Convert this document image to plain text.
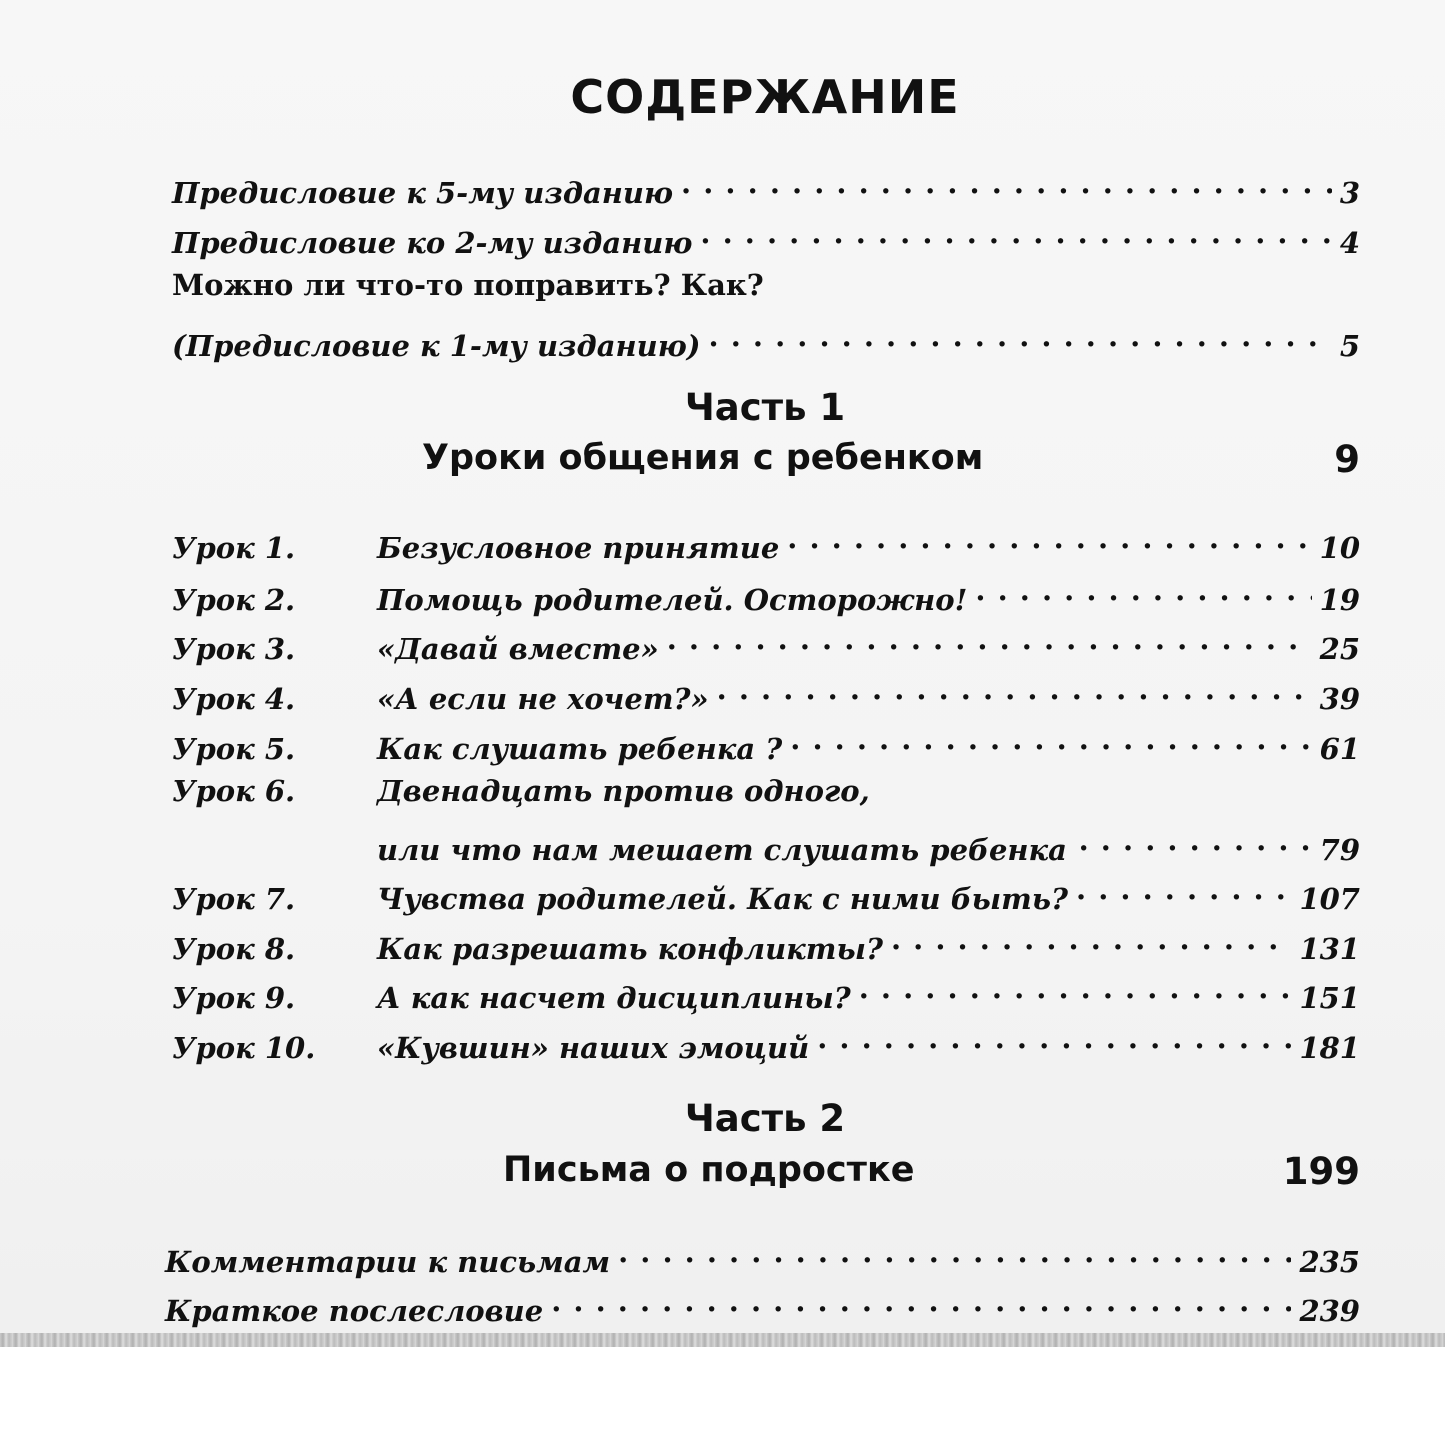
СОДЕРЖАНИЕ
Предисловие к 5-му изданию . . .	3
Предисловие ко 2-му изданию . . .	4
Можно ли что-то поправить? Как?
(Предисловие к 1-му изданию) . . .	5
Часть 1
Уроки общения с ребенком	9
Урок 1.	Безусловное принятие . . .	10
Урок 2.	Помощь родителей. Осторожно! . . .	19
Урок 3.	«Давай вместе» . . .	25
Урок 4.	«А если не хочет?» . . .	39
Урок 5.	Как слушать ребенка ? . . .	61
Урок 6.	Двенадцать против одного,
или что нам мешает слушать ребенка . . .	79
Урок 7.	Чувства родителей. Как с ними быть? . . .	107
Урок 8.	Как разрешать конфликты? . . .	131
Урок 9.	А как насчет дисциплины? . . .	151
Урок 10.	«Кувшин» наших эмоций . . .	181
Часть 2
Письма о подростке	199
Комментарии к письмам . . .	235
Краткое послесловие . . .	239
